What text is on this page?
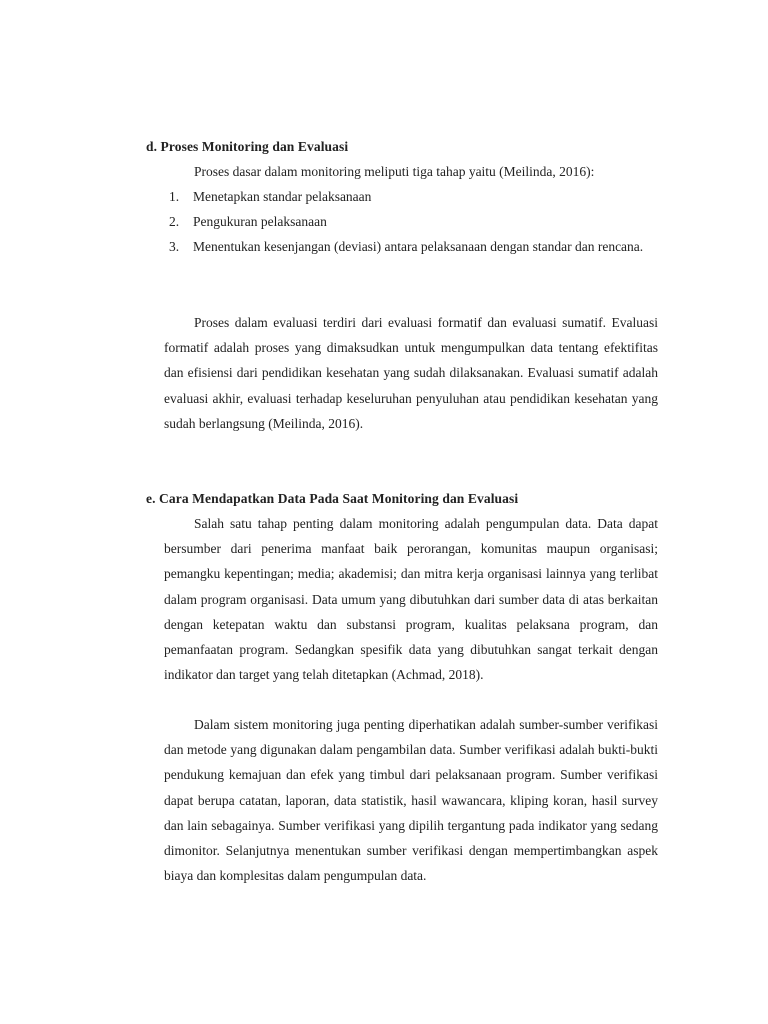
d. Proses Monitoring dan Evaluasi

Proses dasar dalam monitoring meliputi tiga tahap yaitu (Meilinda, 2016):

1. Menetapkan standar pelaksanaan
2. Pengukuran pelaksanaan
3. Menentukan kesenjangan (deviasi) antara pelaksanaan dengan standar dan rencana.

Proses dalam evaluasi terdiri dari evaluasi formatif dan evaluasi sumatif. Evaluasi formatif adalah proses yang dimaksudkan untuk mengumpulkan data tentang efektifitas dan efisiensi dari pendidikan kesehatan yang sudah dilaksanakan. Evaluasi sumatif adalah evaluasi akhir, evaluasi terhadap keseluruhan penyuluhan atau pendidikan kesehatan yang sudah berlangsung (Meilinda, 2016).

e. Cara Mendapatkan Data Pada Saat Monitoring dan Evaluasi

Salah satu tahap penting dalam monitoring adalah pengumpulan data. Data dapat bersumber dari penerima manfaat baik perorangan, komunitas maupun organisasi; pemangku kepentingan; media; akademisi; dan mitra kerja organisasi lainnya yang terlibat dalam program organisasi. Data umum yang dibutuhkan dari sumber data di atas berkaitan dengan ketepatan waktu dan substansi program, kualitas pelaksana program, dan pemanfaatan program. Sedangkan spesifik data yang dibutuhkan sangat terkait dengan indikator dan target yang telah ditetapkan (Achmad, 2018).

Dalam sistem monitoring juga penting diperhatikan adalah sumber-sumber verifikasi dan metode yang digunakan dalam pengambilan data. Sumber verifikasi adalah bukti-bukti pendukung kemajuan dan efek yang timbul dari pelaksanaan program. Sumber verifikasi dapat berupa catatan, laporan, data statistik, hasil wawancara, kliping koran, hasil survey dan lain sebagainya. Sumber verifikasi yang dipilih tergantung pada indikator yang sedang dimonitor. Selanjutnya menentukan sumber verifikasi dengan mempertimbangkan aspek biaya dan komplesitas dalam pengumpulan data.
